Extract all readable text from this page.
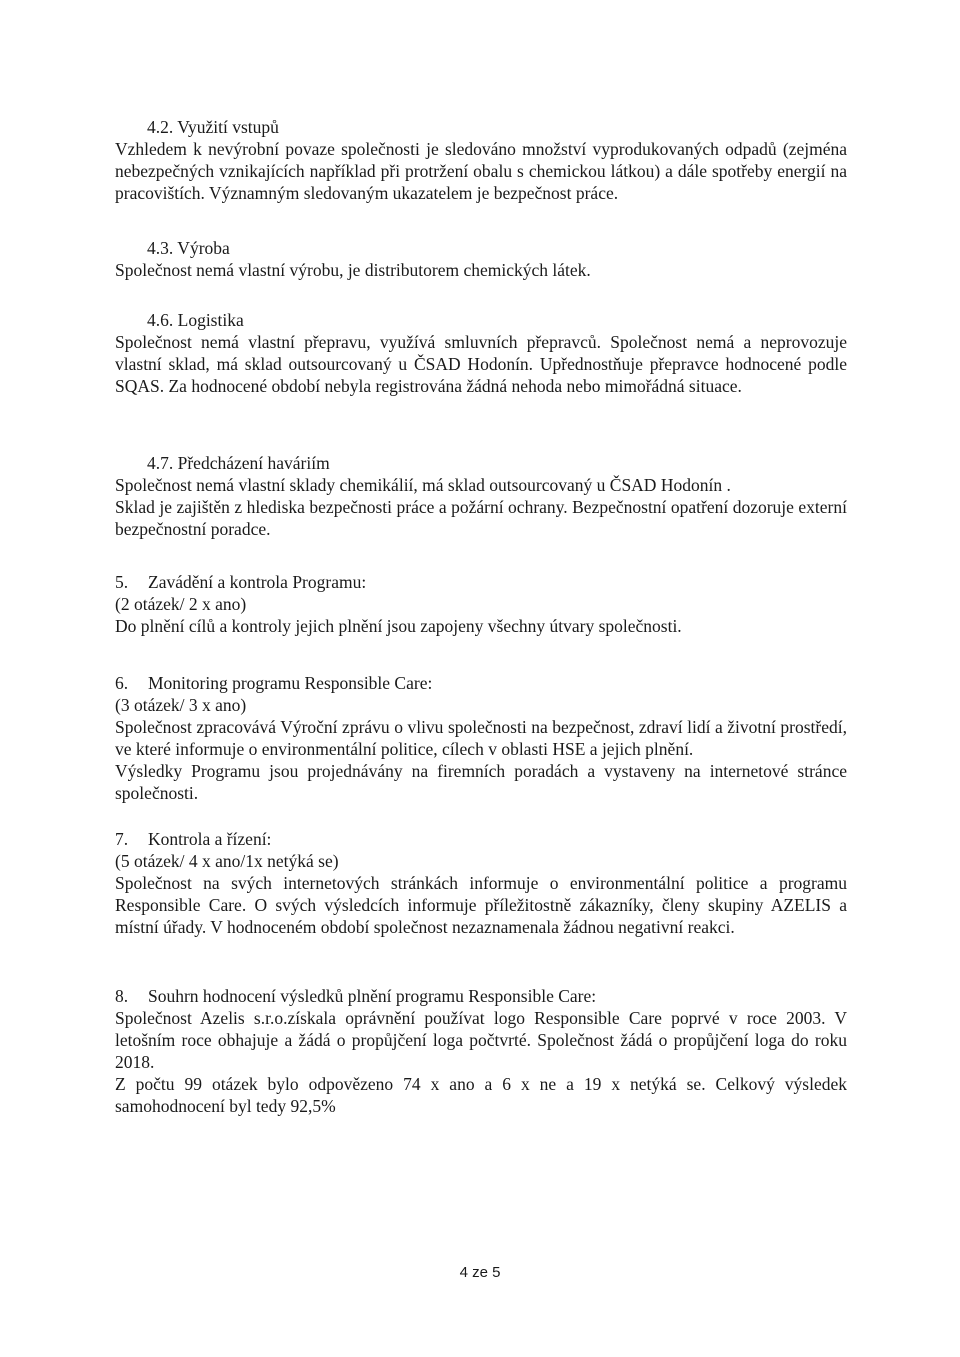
4.2. Využití vstupů

Vzhledem k nevýrobní povaze společnosti je sledováno množství vyprodukovaných odpadů (zejména nebezpečných vznikajících například při protržení obalu s chemickou látkou) a dále spotřeby energií na pracovištích. Významným sledovaným ukazatelem je bezpečnost práce.

4.3. Výroba

Společnost nemá vlastní výrobu, je distributorem chemických látek.

4.6. Logistika

Společnost nemá vlastní přepravu, využívá smluvních přepravců. Společnost nemá a neprovozuje vlastní sklad, má sklad outsourcovaný u ČSAD Hodonín. Upřednostňuje přepravce hodnocené podle SQAS. Za hodnocené období nebyla registrována žádná nehoda nebo mimořádná situace.

4.7. Předcházení haváriím

Společnost nemá vlastní sklady chemikálií, má sklad outsourcovaný u ČSAD Hodonín .

Sklad je zajištěn z hlediska bezpečnosti práce a požární ochrany. Bezpečnostní opatření dozoruje externí bezpečnostní poradce.

5. Zavádění a kontrola Programu:

(2 otázek/ 2 x ano)

Do plnění cílů a kontroly jejich plnění jsou zapojeny všechny útvary společnosti.

6. Monitoring programu Responsible Care:

(3 otázek/ 3 x ano)

Společnost zpracovává Výroční zprávu o vlivu společnosti na bezpečnost, zdraví lidí a životní prostředí, ve které informuje o environmentální politice, cílech v oblasti HSE a jejich plnění.

Výsledky Programu jsou projednávány na firemních poradách a vystaveny na internetové stránce společnosti.

7. Kontrola a řízení:

(5 otázek/ 4 x ano/1x netýká se)

Společnost na svých internetových stránkách informuje o environmentální politice a programu Responsible Care. O svých výsledcích informuje příležitostně zákazníky, členy skupiny AZELIS a místní úřady. V hodnoceném období společnost nezaznamenala žádnou negativní reakci.

8. Souhrn hodnocení výsledků plnění programu Responsible Care:

Společnost Azelis s.r.o.získala oprávnění používat logo Responsible Care poprvé v roce 2003. V letošním roce obhajuje a žádá o propůjčení loga počtvrté. Společnost žádá o propůjčení loga do roku 2018.

Z počtu 99 otázek bylo odpovězeno 74 x ano a 6 x ne a 19 x netýká se. Celkový výsledek samohodnocení byl tedy 92,5%

4 ze 5
